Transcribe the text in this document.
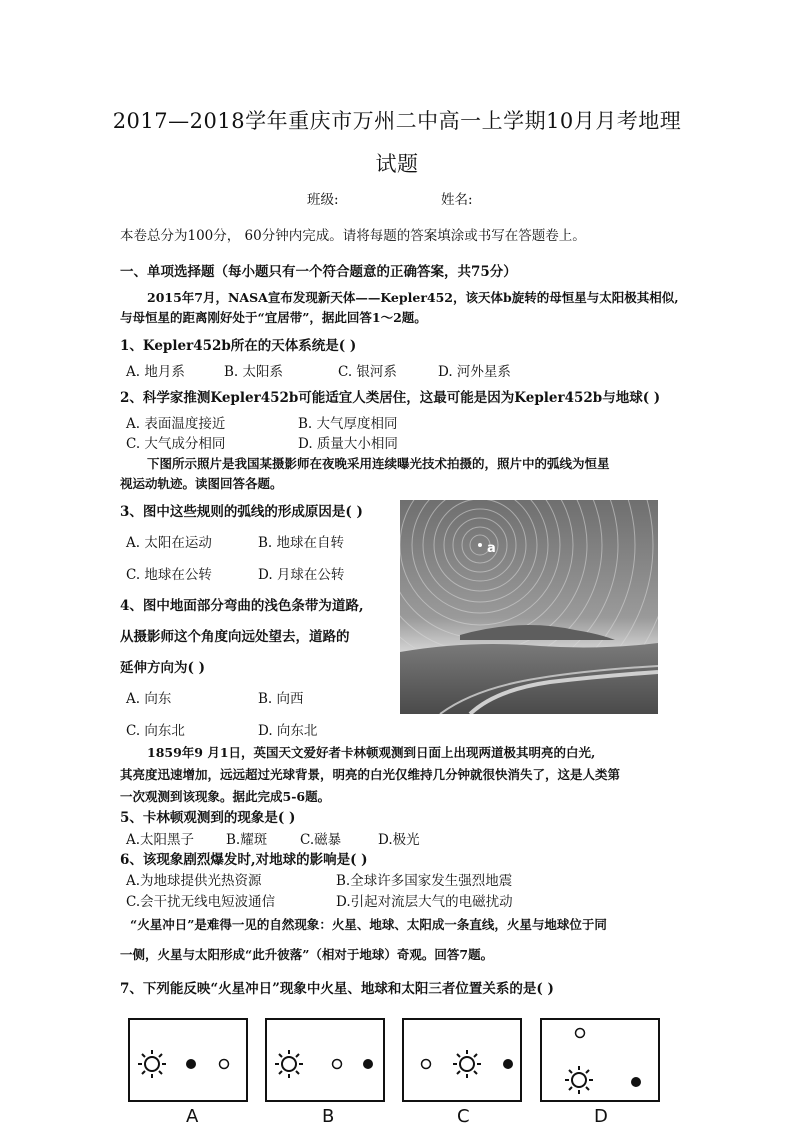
2017—2018学年重庆市万州二中高一上学期10月月考地理
试题
班级:	姓名:
本卷总分为100分， 60分钟内完成。请将每题的答案填涂或书写在答题卷上。
一、单项选择题（每小题只有一个符合题意的正确答案，共75分）
2015年7月，NASA宣布发现新天体——Kepler452，该天体b旋转的母恒星与太阳极其相似,
与母恒星的距离刚好处于“宜居带”，据此回答1～2题。
1、Kepler452b所在的天体系统是( )
A. 地月系	B. 太阳系	C. 银河系	D. 河外星系
2、科学家推测Kepler452b可能适宜人类居住，这最可能是因为Kepler452b与地球( )
A. 表面温度接近	B. 大气厚度相同
C. 大气成分相同	D. 质量大小相同
下图所示照片是我国某摄影师在夜晚采用连续曝光技术拍摄的，照片中的弧线为恒星
视运动轨迹。读图回答各题。
3、图中这些规则的弧线的形成原因是( )
A. 太阳在运动	B. 地球在自转
C. 地球在公转	D. 月球在公转
4、图中地面部分弯曲的浅色条带为道路,
从摄影师这个角度向远处望去，道路的
延伸方向为( )
A. 向东	B. 向西
C. 向东北	D. 向东北
a
1859年9 月1日，英国天文爱好者卡林顿观测到日面上出现两道极其明亮的白光,
其亮度迅速增加，远远超过光球背景，明亮的白光仅维持几分钟就很快消失了，这是人类第
一次观测到该现象。据此完成5-6题。
5、卡林顿观测到的现象是( )
A.太阳黑子 B.耀斑 C.磁暴	D.极光
6、该现象剧烈爆发时,对地球的影响是( )
A.为地球提供光热资源	B.全球许多国家发生强烈地震
C.会干扰无线电短波通信	D.引起对流层大气的电磁扰动
“火星冲日”是难得一见的自然现象：火星、地球、太阳成一条直线，火星与地球位于同
一侧，火星与太阳形成“此升彼落”（相对于地球）奇观。回答7题。
7、下列能反映“火星冲日”现象中火星、地球和太阳三者位置关系的是( )
A	B	C	D
